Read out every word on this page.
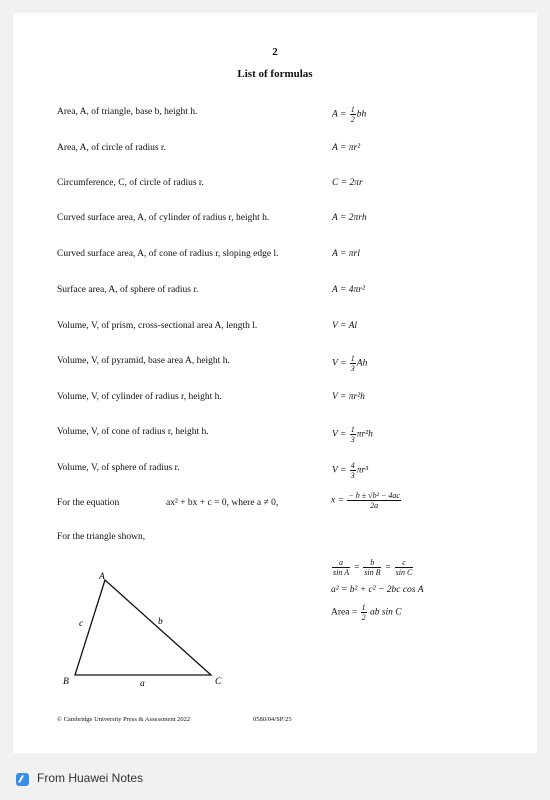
2
List of formulas
Area, A, of triangle, base b, height h.	$A = \frac{1}{2}$ bh
Area, A, of circle of radius r.	A = πr²
Circumference, C, of circle of radius r.	C = 2πr
Curved surface area, A, of cylinder of radius r, height h.	A = 2πrh
Curved surface area, A, of cone of radius r, sloping edge l.	A = πrl
Surface area, A, of sphere of radius r.	A = 4πr²
Volume, V, of prism, cross-sectional area A, length l.	V = Al
Volume, V, of pyramid, base area A, height h.	$V = \frac{1}{3}$ Ah
Volume, V, of cylinder of radius r, height h.	V = πr²h
Volume, V, of cone of radius r, height h.	$V = \frac{1}{3} \pi r^2h$
Volume, V, of sphere of radius r.	$V = \frac{4}{3} \pi r^3$
For the equation	ax² + bx + c = 0, where a ≠ 0,	$x = \frac{\text{− b ± √b² − 4ac}}{2a}$
For the triangle shown,
A
B	C
a
b
c
$\frac{a}{\text{sin A}} = \frac{b}{\text{sin B}} = \frac{c}{\text{sin C}}$
a² = b² + c² − 2bc cos A
Area = $\frac{1}{2}$ ab sin C
© Cambridge University Press & Assessment 2022	0580/04/SP/25
From Huawei Notes
